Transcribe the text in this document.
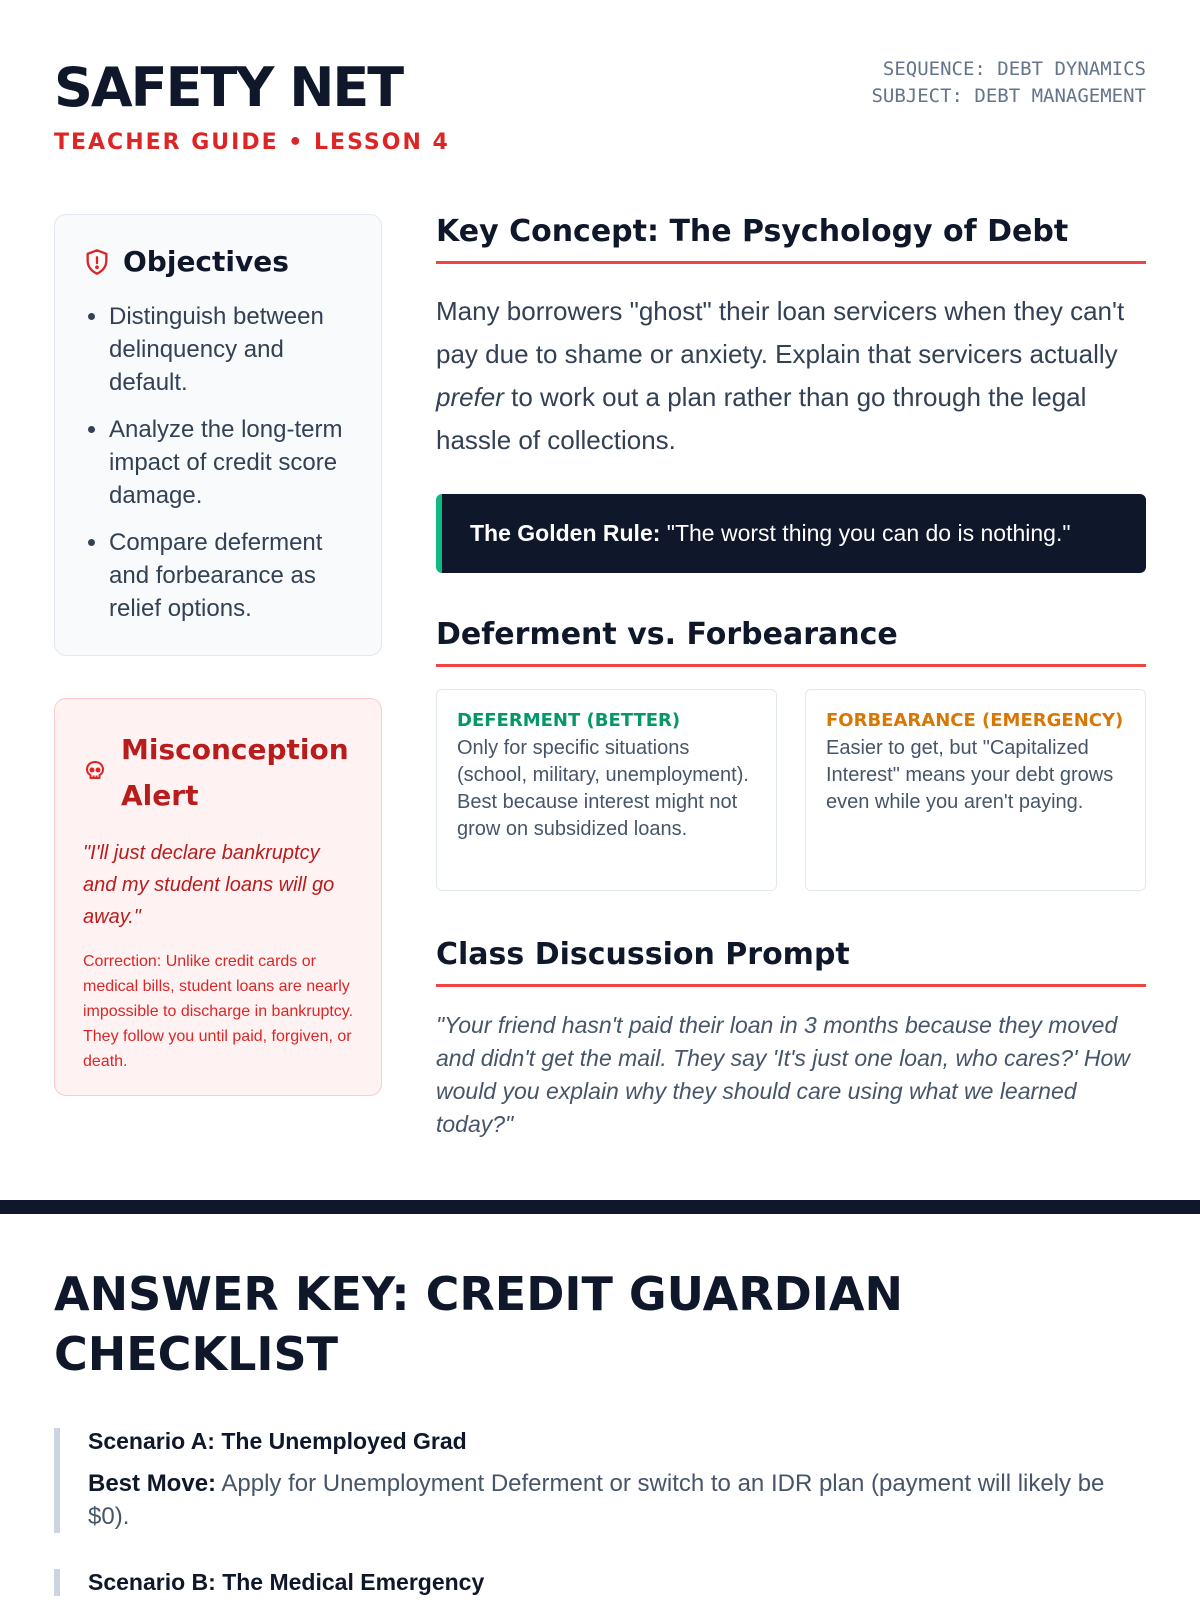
SAFETY NET
TEACHER GUIDE • LESSON 4
SEQUENCE: DEBT DYNAMICS
SUBJECT: DEBT MANAGEMENT
Objectives
• Distinguish between delinquency and default.
• Analyze the long-term impact of credit score damage.
• Compare deferment and forbearance as relief options.
Misconception Alert
"I'll just declare bankruptcy and my student loans will go away."
Correction: Unlike credit cards or medical bills, student loans are nearly impossible to discharge in bankruptcy. They follow you until paid, forgiven, or death.
Key Concept: The Psychology of Debt

Many borrowers "ghost" their loan servicers when they can't pay due to shame or anxiety. Explain that servicers actually prefer to work out a plan rather than go through the legal hassle of collections.

The Golden Rule: "The worst thing you can do is nothing."
Deferment vs. Forbearance
DEFERMENT (BETTER)
Only for specific situations (school, military, unemployment). Best because interest might not grow on subsidized loans.
FORBEARANCE (EMERGENCY)
Easier to get, but "Capitalized Interest" means your debt grows even while you aren't paying.
Class Discussion Prompt

"Your friend hasn't paid their loan in 3 months because they moved and didn't get the mail. They say 'It's just one loan, who cares?' How would you explain why they should care using what we learned today?"

ANSWER KEY: CREDIT GUARDIAN CHECKLIST
Scenario A: The Unemployed Grad
Best Move: Apply for Unemployment Deferment or switch to an IDR plan (payment will likely be $0).
Scenario B: The Medical Emergency
